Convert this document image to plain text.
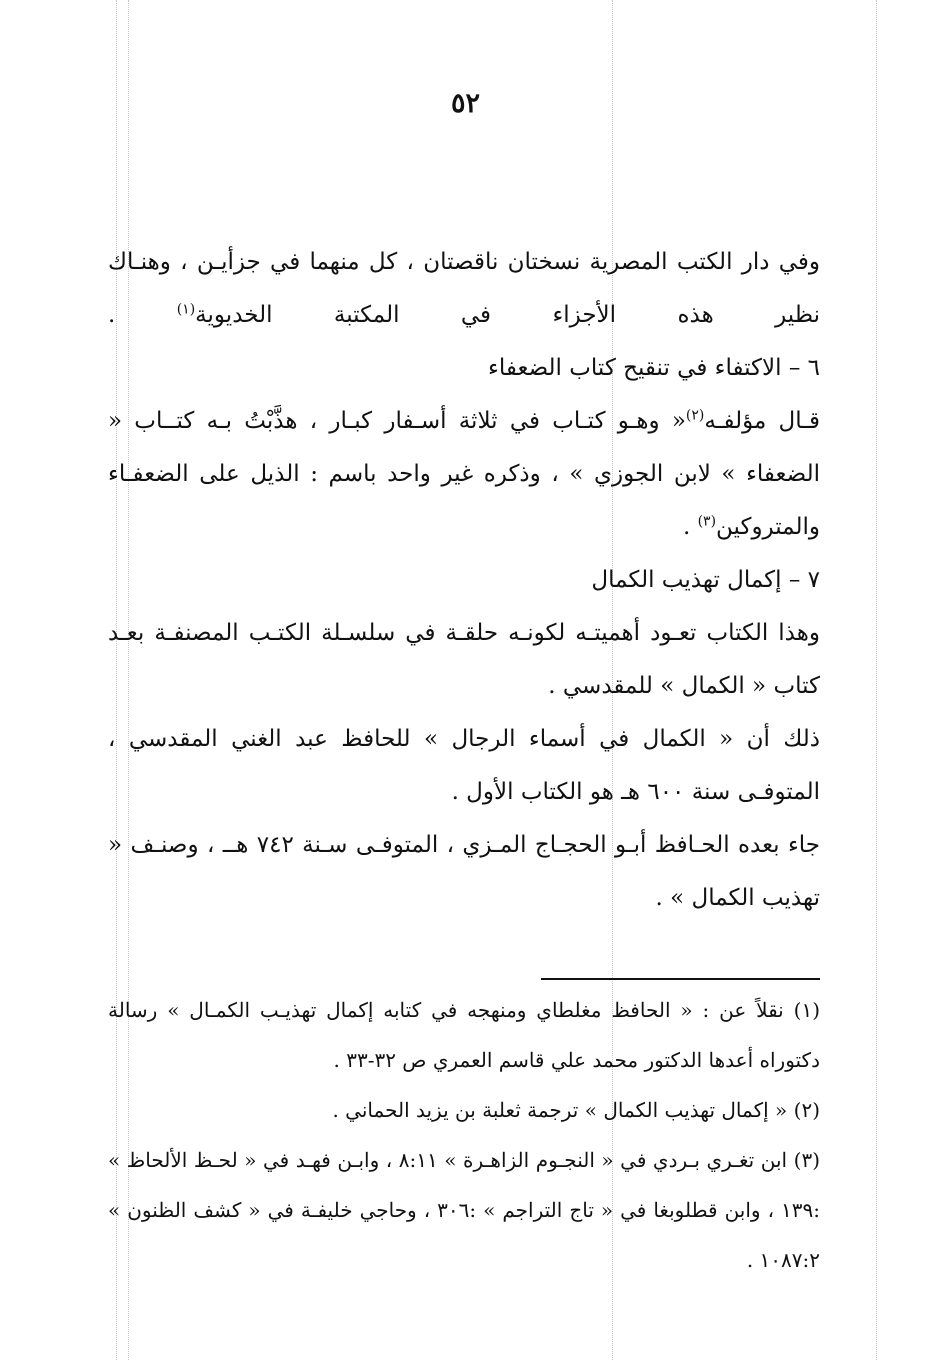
٥٢

وفي دار الكتب المصرية نسختان ناقصتان ، كل منهما في جزأيـن ، وهنـاك نظير هذه الأجزاء في المكتبة الخديوية$^{(١)}$ .

٦ – الاكتفاء في تنقيح كتاب الضعفاء

قـال مؤلفـه$^{(٢)}$« وهـو كتـاب في ثلاثة أسـفار كبـار ، هذَّبْتُ بـه كتــاب « الضعفاء » لابن الجوزي » ، وذكره غير واحد باسم : الذيل على الضعفـاء والمتروكين$^{(٣)}$ .

٧ – إكمال تهذيب الكمال

وهذا الكتاب تعـود أهميتـه لكونـه حلقـة في سلسـلة الكتـب المصنفـة بعـد كتاب « الكمال » للمقدسي .

ذلك أن « الكمال في أسماء الرجال » للحافظ عبد الغني المقدسي ، المتوفـى سنة ٦٠٠ هـ هو الكتاب الأول .

جاء بعده الحـافظ أبـو الحجـاج المـزي ، المتوفـى سـنة ٧٤٢ هــ ، وصنـف « تهذيب الكمال » .

(١) نقلاً عن : « الحافظ مغلطاي ومنهجه في كتابه إكمال تهذيـب الكمـال » رسالة دكتوراه أعدها الدكتور محمد علي قاسم العمري ص ٣٢-٣٣ .

(٢) « إكمال تهذيب الكمال » ترجمة ثعلبة بن يزيد الحماني .

(٣) ابن تغـري بـردي في « النجـوم الزاهـرة » ٨:١١ ، وابـن فهـد في « لحـظ الألحاظ » :١٣٩ ، وابن قطلوبغا في « تاج التراجم » :٣٠٦ ، وحاجي خليفـة في « كشف الظنون » ١٠٨٧:٢ .
